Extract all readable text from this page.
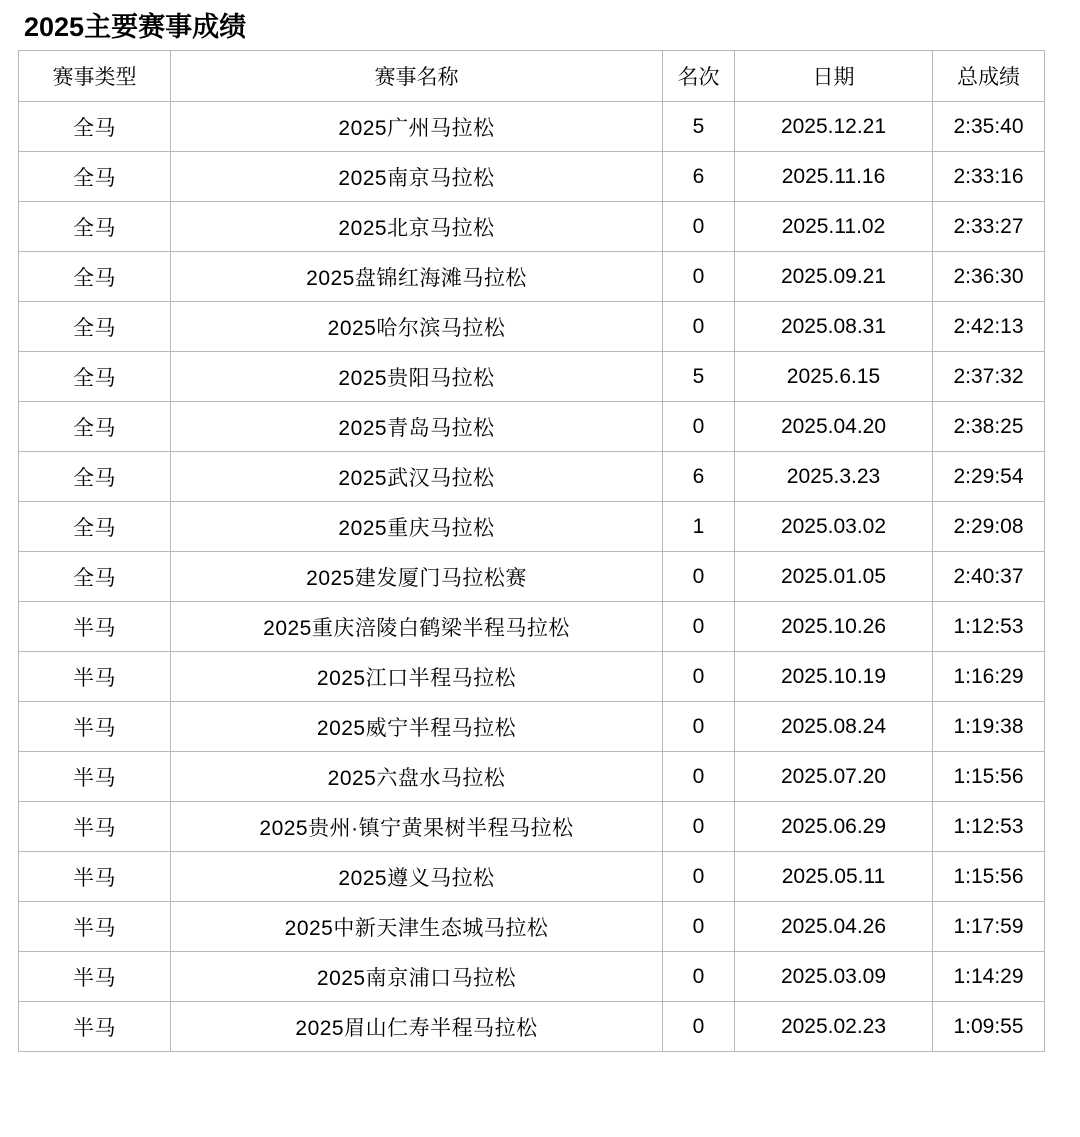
2025主要赛事成绩
赛事类型	赛事名称	名次	日期	总成绩
全马	2025广州马拉松	5	2025.12.21	2:35:40
全马	2025南京马拉松	6	2025.11.16	2:33:16
全马	2025北京马拉松	0	2025.11.02	2:33:27
全马	2025盘锦红海滩马拉松	0	2025.09.21	2:36:30
全马	2025哈尔滨马拉松	0	2025.08.31	2:42:13
全马	2025贵阳马拉松	5	2025.6.15	2:37:32
全马	2025青岛马拉松	0	2025.04.20	2:38:25
全马	2025武汉马拉松	6	2025.3.23	2:29:54
全马	2025重庆马拉松	1	2025.03.02	2:29:08
全马	2025建发厦门马拉松赛	0	2025.01.05	2:40:37
半马	2025重庆涪陵白鹤梁半程马拉松	0	2025.10.26	1:12:53
半马	2025江口半程马拉松	0	2025.10.19	1:16:29
半马	2025威宁半程马拉松	0	2025.08.24	1:19:38
半马	2025六盘水马拉松	0	2025.07.20	1:15:56
半马	2025贵州·镇宁黄果树半程马拉松	0	2025.06.29	1:12:53
半马	2025遵义马拉松	0	2025.05.11	1:15:56
半马	2025中新天津生态城马拉松	0	2025.04.26	1:17:59
半马	2025南京浦口马拉松	0	2025.03.09	1:14:29
半马	2025眉山仁寿半程马拉松	0	2025.02.23	1:09:55
